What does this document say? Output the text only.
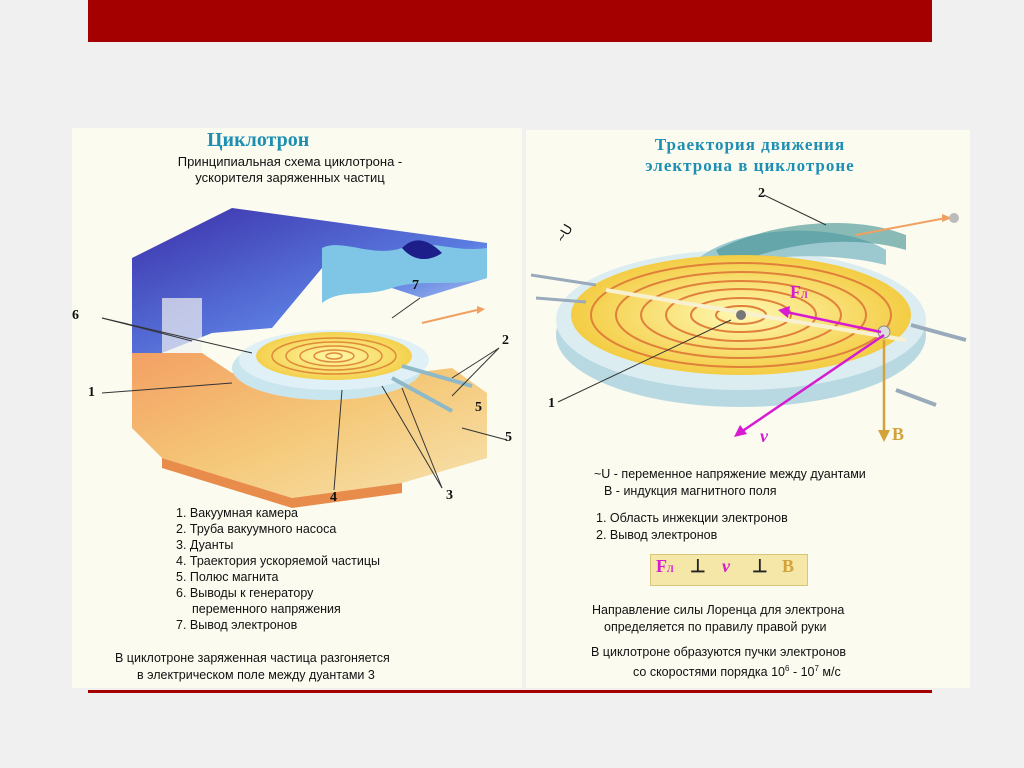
Циклотрон
Принципиальная схема циклотрона -
ускорителя заряженных частиц
6
7
2
1
5
5
4	3
1. Вакуумная камера
2. Труба вакуумного насоса
3. Дуанты
4. Траектория ускоряемой частицы
5. Полюс магнита
6. Выводы к генератору
переменного напряжения
7. Вывод электронов
В циклотроне заряженная частица разгоняется
в электрическом поле между дуантами 3
Траектория движения
электрона в циклотроне
2
1
~U
FЛ
v	B
~U - переменное напряжение между дуантами
В - индукция магнитного поля
1. Область инжекции электронов
2. Вывод электронов
FЛ ⊥ v ⊥ B
Направление силы Лоренца для электрона
определяется по правилу правой руки
В циклотроне образуются пучки электронов
со скоростями порядка $10^6 - 10^7$ м/с
